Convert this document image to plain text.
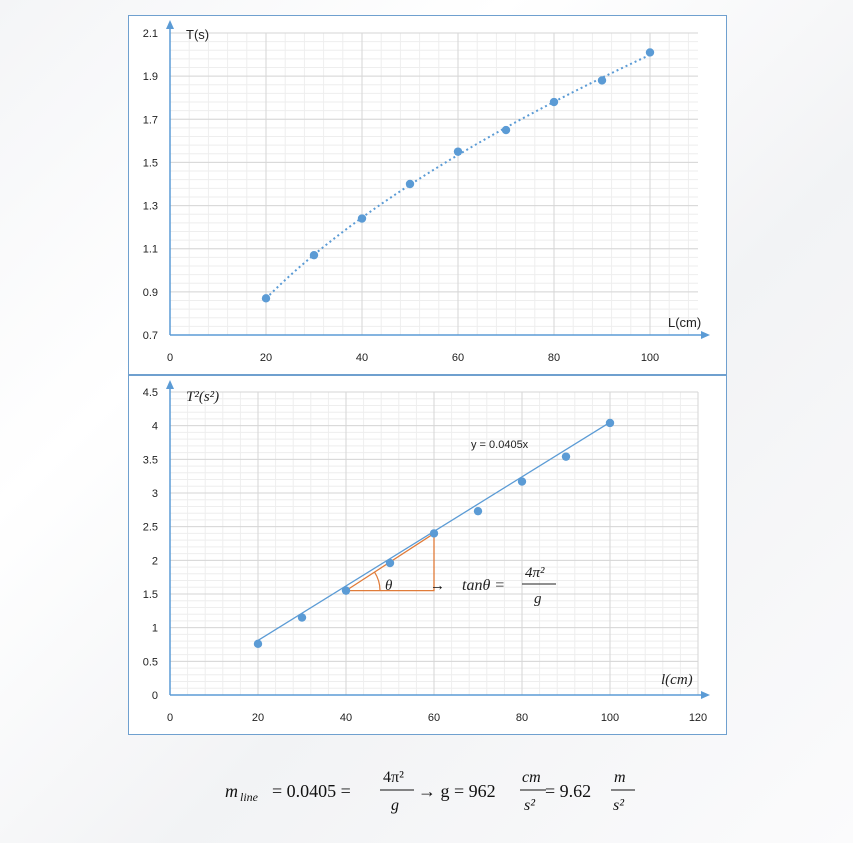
0	20	40	60	80	100
0.7
0.9
1.1
1.3
1.5
1.7
1.9
2.1 T(s)
L(cm)
0	20	40	60	80	100	120
0
0.5
1
1.5
2
2.5
3
3.5
4
4.5 T²(s²)
l(cm)
y = 0.0405x
θ	→ tanθ =
4π²
g
m line = 0.0405 =
4π²
g
→ g = 962
cm
s²
= 9.62
m
s²
